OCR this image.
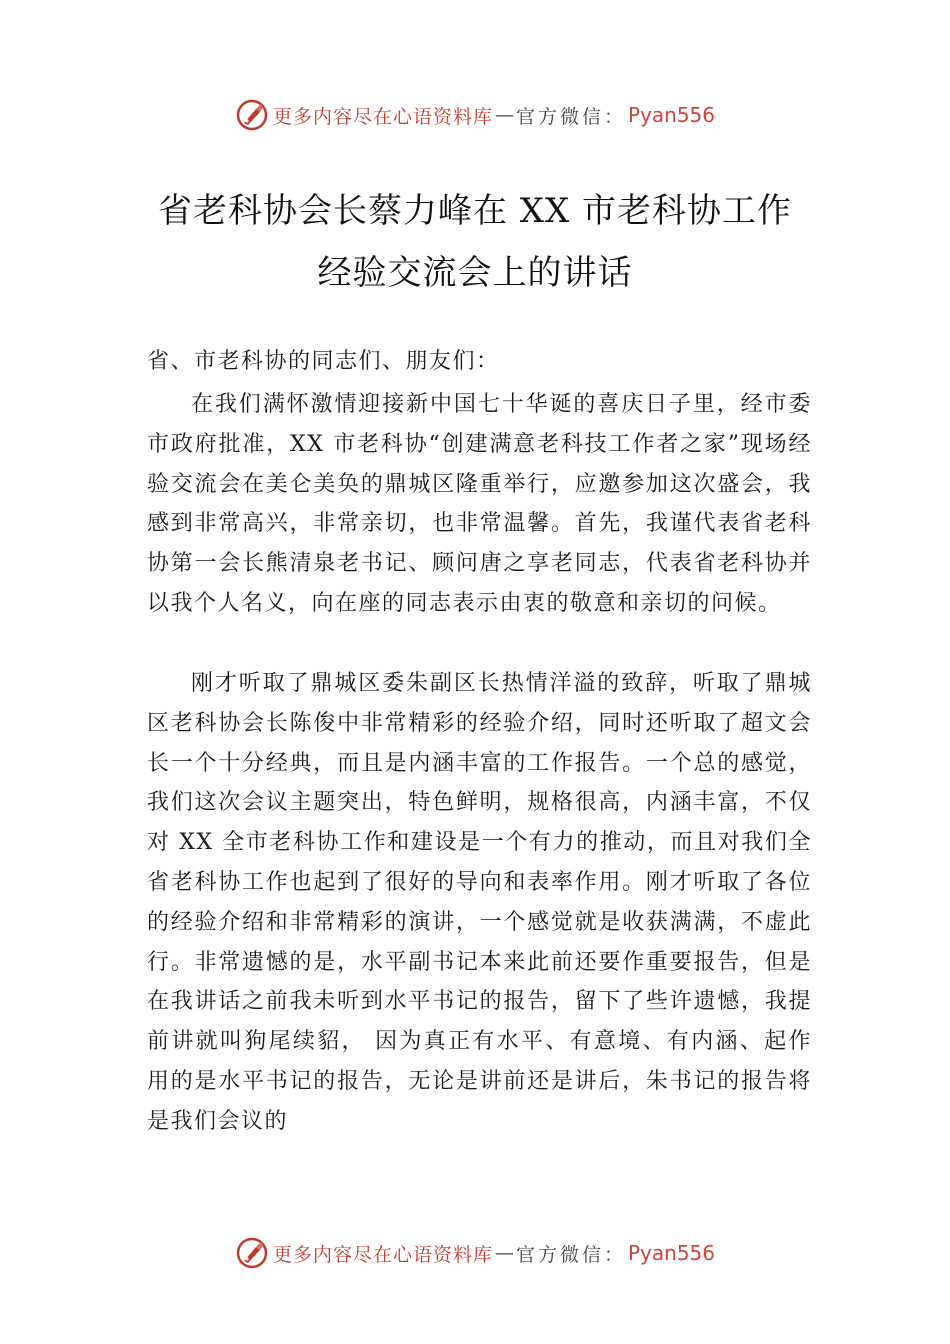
更多内容尽在心语资料库 — 官方微信： Pyan556
省老科协会长蔡力峰在 XX 市老科协工作
经验交流会上的讲话
省、市老科协的同志们、朋友们：

在我们满怀激情迎接新中国七十华诞的喜庆日子里，经市委市政府批准，XX 市老科协“创建满意老科技工作者之家”现场经验交流会在美仑美奂的鼎城区隆重举行，应邀参加这次盛会，我感到非常高兴，非常亲切，也非常温馨。首先，我谨代表省老科协第一会长熊清泉老书记、顾问唐之享老同志，代表省老科协并以我个人名义，向在座的同志表示由衷的敬意和亲切的问候。

刚才听取了鼎城区委朱副区长热情洋溢的致辞，听取了鼎城区老科协会长陈俊中非常精彩的经验介绍，同时还听取了超文会长一个十分经典，而且是内涵丰富的工作报告。一个总的感觉，我们这次会议主题突出，特色鲜明，规格很高，内涵丰富，不仅对 XX 全市老科协工作和建设是一个有力的推动，而且对我们全省老科协工作也起到了很好的导向和表率作用。刚才听取了各位的经验介绍和非常精彩的演讲，一个感觉就是收获满满，不虚此行。非常遗憾的是，水平副书记本来此前还要作重要报告，但是在我讲话之前我未听到水平书记的报告，留下了些许遗憾，我提前讲就叫狗尾续貂， 因为真正有水平、有意境、有内涵、起作用的是水平书记的报告，无论是讲前还是讲后，朱书记的报告将是我们会议的

更多内容尽在心语资料库 — 官方微信： Pyan556
